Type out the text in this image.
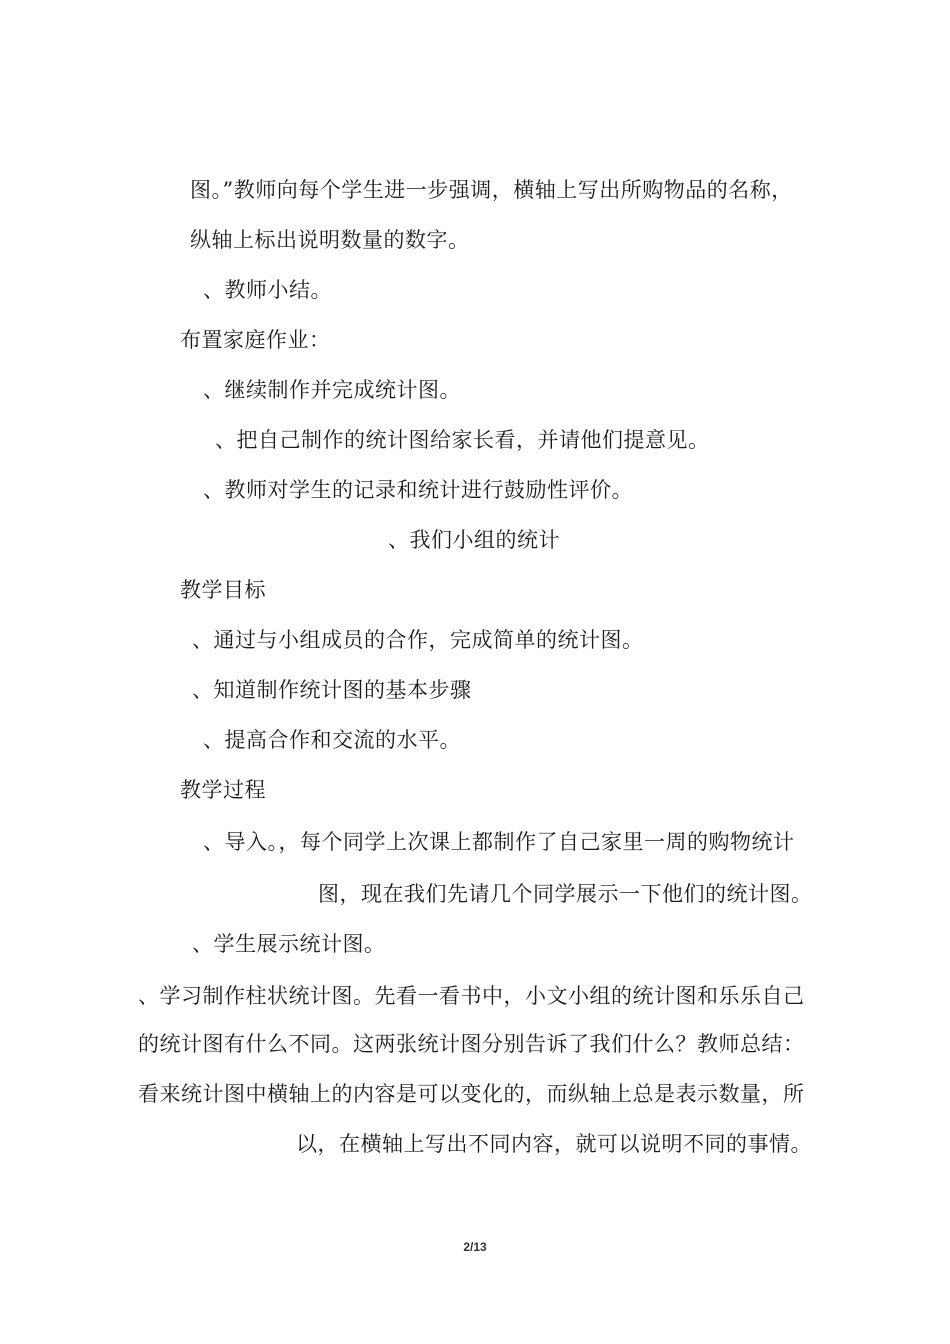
图。”教师向每个学生进一步强调，横轴上写出所购物品的名称，
纵轴上标出说明数量的数字。
、教师小结。
布置家庭作业：
、继续制作并完成统计图。
、把自己制作的统计图给家长看，并请他们提意见。
、教师对学生的记录和统计进行鼓励性评价。
、我们小组的统计
教学目标
、通过与小组成员的合作，完成简单的统计图。
、知道制作统计图的基本步骤
、提高合作和交流的水平。
教学过程
、导入。，每个同学上次课上都制作了自己家里一周的购物统计
图，现在我们先请几个同学展示一下他们的统计图。
、学生展示统计图。
、学习制作柱状统计图。先看一看书中，小文小组的统计图和乐乐自己
的统计图有什么不同。这两张统计图分别告诉了我们什么？教师总结：
看来统计图中横轴上的内容是可以变化的，而纵轴上总是表示数量，所
以，在横轴上写出不同内容，就可以说明不同的事情。
2/13
